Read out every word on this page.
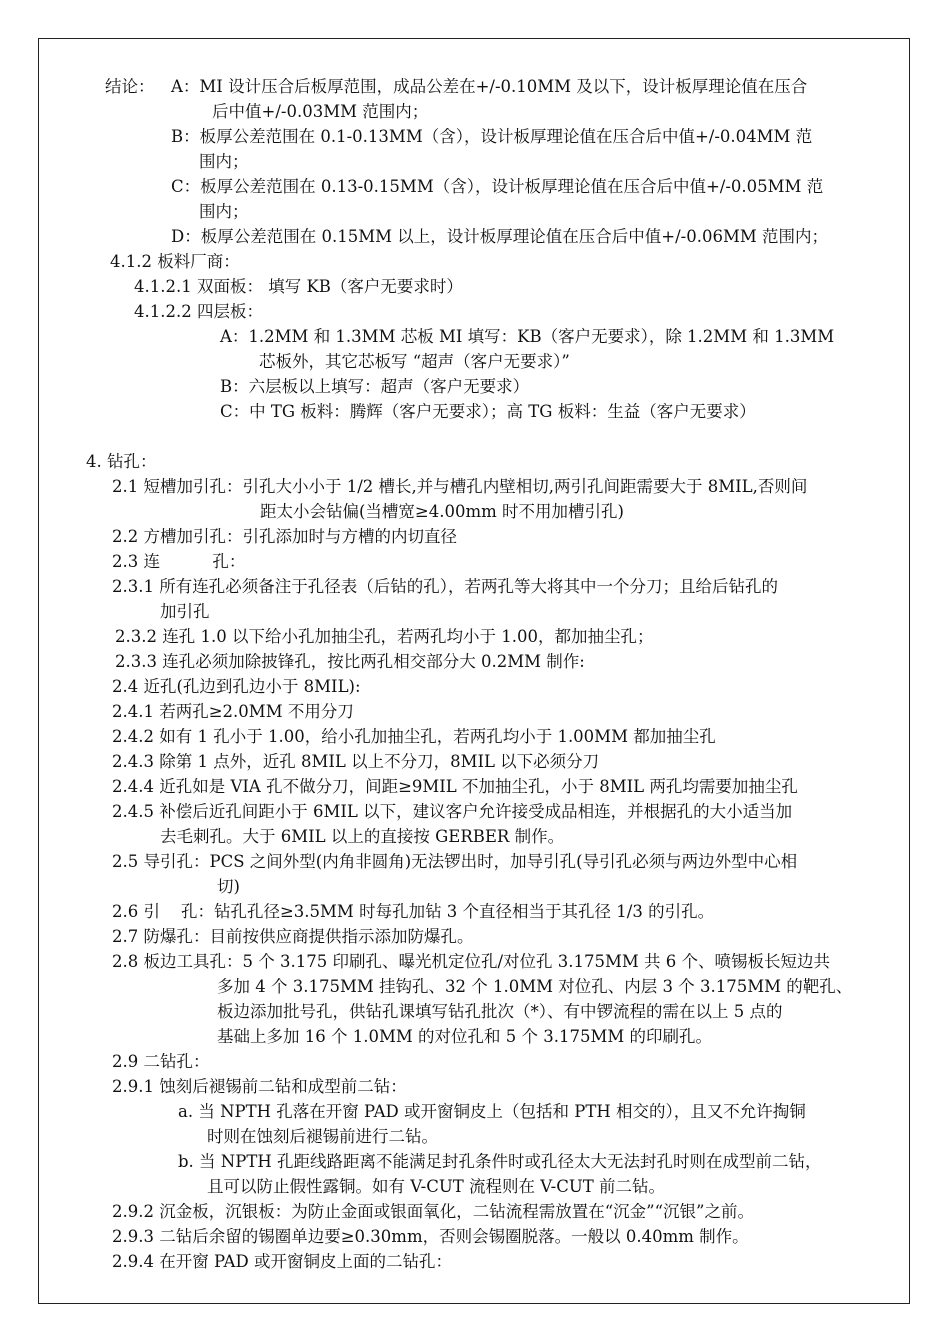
结论： A：MI 设计压合后板厚范围，成品公差在+/-0.10MM 及以下，设计板厚理论值在压合
后中值+/-0.03MM 范围内；
B：板厚公差范围在 0.1-0.13MM（含），设计板厚理论值在压合后中值+/-0.04MM 范
围内；
C：板厚公差范围在 0.13-0.15MM（含），设计板厚理论值在压合后中值+/-0.05MM 范
围内；
D：板厚公差范围在 0.15MM 以上，设计板厚理论值在压合后中值+/-0.06MM 范围内；
4.1.2 板料厂商：
4.1.2.1 双面板： 填写 KB（客户无要求时）
4.1.2.2 四层板：
A：1.2MM 和 1.3MM 芯板 MI 填写：KB（客户无要求），除 1.2MM 和 1.3MM
芯板外，其它芯板写 “超声（客户无要求）”
B：六层板以上填写：超声（客户无要求）
C：中 TG 板料：腾辉（客户无要求）；高 TG 板料：生益（客户无要求）
4. 钻孔：
2.1 短槽加引孔：引孔大小小于 1/2 槽长,并与槽孔内壁相切,两引孔间距需要大于 8MIL,否则间
距太小会钻偏(当槽宽≥4.00mm 时不用加槽引孔)
2.2 方槽加引孔：引孔添加时与方槽的内切直径
2.3 连          孔：
2.3.1 所有连孔必须备注于孔径表（后钻的孔），若两孔等大将其中一个分刀；且给后钻孔的
加引孔
2.3.2 连孔 1.0 以下给小孔加抽尘孔，若两孔均小于 1.00，都加抽尘孔；
2.3.3 连孔必须加除披锋孔，按比两孔相交部分大 0.2MM 制作:
2.4 近孔(孔边到孔边小于 8MIL):
2.4.1 若两孔≥2.0MM 不用分刀
2.4.2 如有 1 孔小于 1.00，给小孔加抽尘孔，若两孔均小于 1.00MM 都加抽尘孔
2.4.3 除第 1 点外，近孔 8MIL 以上不分刀，8MIL 以下必须分刀
2.4.4 近孔如是 VIA 孔不做分刀，间距≥9MIL 不加抽尘孔，小于 8MIL 两孔均需要加抽尘孔
2.4.5 补偿后近孔间距小于 6MIL 以下，建议客户允许接受成品相连，并根据孔的大小适当加
去毛刺孔。大于 6MIL 以上的直接按 GERBER 制作。
2.5 导引孔：PCS 之间外型(内角非圆角)无法锣出时，加导引孔(导引孔必须与两边外型中心相
切)
2.6 引    孔：钻孔孔径≥3.5MM 时每孔加钻 3 个直径相当于其孔径 1/3 的引孔。
2.7 防爆孔：目前按供应商提供指示添加防爆孔。
2.8 板边工具孔：5 个 3.175 印刷孔、曝光机定位孔/对位孔 3.175MM 共 6 个、喷锡板长短边共
多加 4 个 3.175MM 挂钩孔、32 个 1.0MM 对位孔、内层 3 个 3.175MM 的靶孔、
板边添加批号孔，供钻孔课填写钻孔批次（*）、有中锣流程的需在以上 5 点的
基础上多加 16 个 1.0MM 的对位孔和 5 个 3.175MM 的印刷孔。
2.9 二钻孔：
2.9.1 蚀刻后褪锡前二钻和成型前二钻：
a. 当 NPTH 孔落在开窗 PAD 或开窗铜皮上（包括和 PTH 相交的），且又不允许掏铜
时则在蚀刻后褪锡前进行二钻。
b. 当 NPTH 孔距线路距离不能满足封孔条件时或孔径太大无法封孔时则在成型前二钻，
且可以防止假性露铜。如有 V-CUT 流程则在 V-CUT 前二钻。
2.9.2 沉金板，沉银板：为防止金面或银面氧化，二钻流程需放置在“沉金”“沉银”之前。
2.9.3 二钻后余留的锡圈单边要≥0.30mm，否则会锡圈脱落。一般以 0.40mm 制作。
2.9.4 在开窗 PAD 或开窗铜皮上面的二钻孔：
